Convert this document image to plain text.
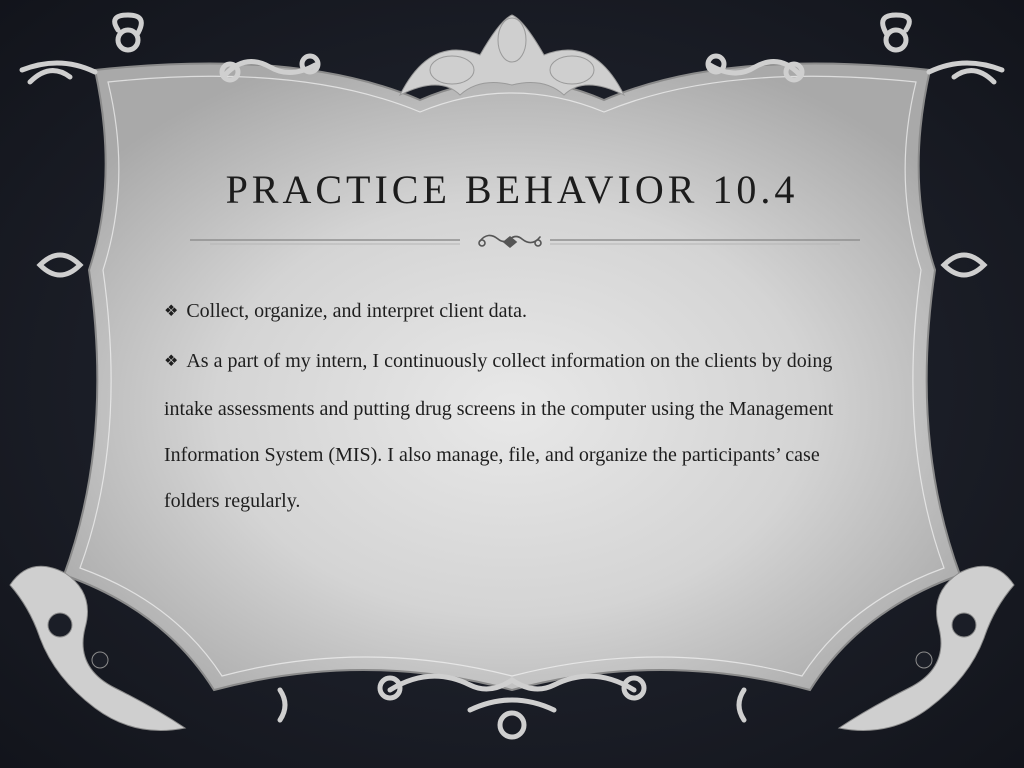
PRACTICE BEHAVIOR 10.4
❖ Collect, organize, and interpret client data.
❖ As a part of my intern, I continuously collect information on the clients by doing intake assessments and putting drug screens in the computer using the Management Information System (MIS). I also manage, file, and organize the participants’ case folders regularly.
